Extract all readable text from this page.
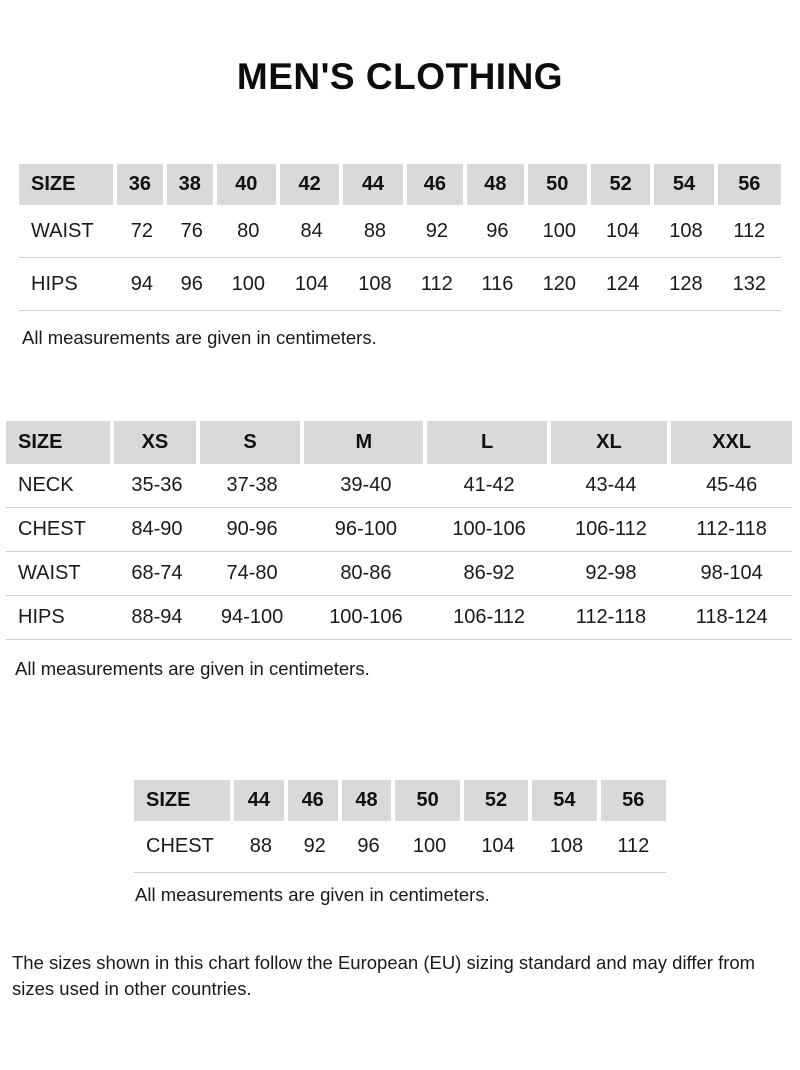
MEN'S CLOTHING
SIZE	36	38	40	42	44	46	48	50	52	54	56
WAIST	72	76	80	84	88	92	96	100	104	108	112
HIPS	94	96	100	104	108	112	116	120	124	128	132
All measurements are given in centimeters.
SIZE	XS	S	M	L	XL	XXL
NECK	35-36	37-38	39-40	41-42	43-44	45-46
CHEST	84-90	90-96	96-100	100-106	106-112	112-118
WAIST	68-74	74-80	80-86	86-92	92-98	98-104
HIPS	88-94	94-100	100-106	106-112	112-118	118-124
All measurements are given in centimeters.
SIZE	44	46	48	50	52	54	56
CHEST	88	92	96	100	104	108	112
All measurements are given in centimeters.
The sizes shown in this chart follow the European (EU) sizing standard and may differ from sizes used in other countries.
